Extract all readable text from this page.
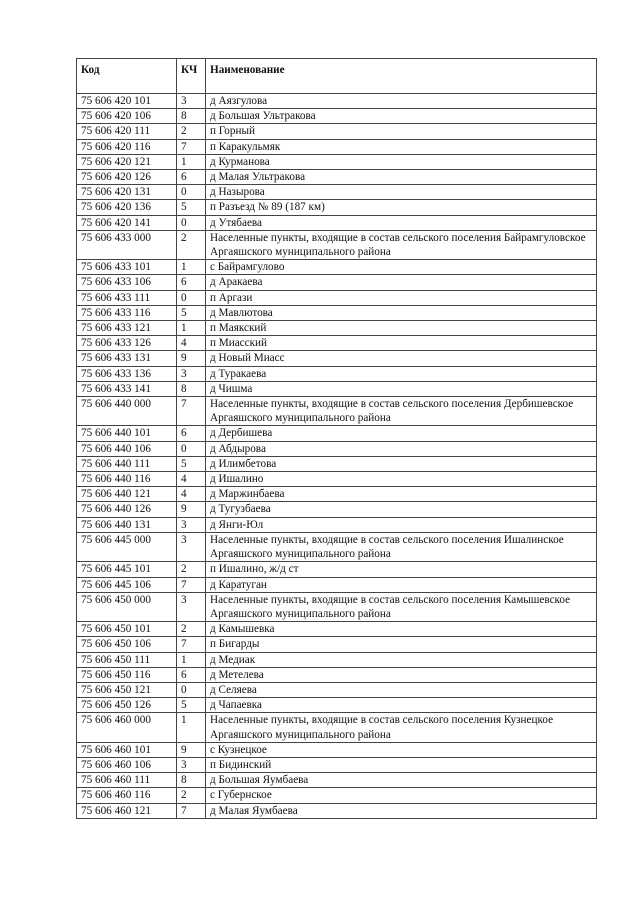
Код	КЧ	Наименование
75 606 420 101	3	д Аязгулова
75 606 420 106	8	д Большая Ультракова
75 606 420 111	2	п Горный
75 606 420 116	7	п Каракульмяк
75 606 420 121	1	д Курманова
75 606 420 126	6	д Малая Ультракова
75 606 420 131	0	д Назырова
75 606 420 136	5	п Разъезд № 89 (187 км)
75 606 420 141	0	д Утябаева
75 606 433 000	2	Населенные пункты, входящие в состав сельского поселения Байрамгуловское Аргаяшского муниципального района
75 606 433 101	1	с Байрамгулово
75 606 433 106	6	д Аракаева
75 606 433 111	0	п Аргази
75 606 433 116	5	д Мавлютова
75 606 433 121	1	п Маякский
75 606 433 126	4	п Миасский
75 606 433 131	9	д Новый Миасс
75 606 433 136	3	д Туракаева
75 606 433 141	8	д Чишма
75 606 440 000	7	Населенные пункты, входящие в состав сельского поселения Дербишевское Аргаяшского муниципального района
75 606 440 101	6	д Дербишева
75 606 440 106	0	д Абдырова
75 606 440 111	5	д Илимбетова
75 606 440 116	4	д Ишалино
75 606 440 121	4	д Маржинбаева
75 606 440 126	9	д Тугузбаева
75 606 440 131	3	д Янги-Юл
75 606 445 000	3	Населенные пункты, входящие в состав сельского поселения Ишалинское Аргаяшского муниципального района
75 606 445 101	2	п Ишалино, ж/д ст
75 606 445 106	7	д Каратуган
75 606 450 000	3	Населенные пункты, входящие в состав сельского поселения Камышевское Аргаяшского муниципального района
75 606 450 101	2	д Камышевка
75 606 450 106	7	п Бигарды
75 606 450 111	1	д Медиак
75 606 450 116	6	д Метелева
75 606 450 121	0	д Селяева
75 606 450 126	5	д Чапаевка
75 606 460 000	1	Населенные пункты, входящие в состав сельского поселения Кузнецкое Аргаяшского муниципального района
75 606 460 101	9	с Кузнецкое
75 606 460 106	3	п Бидинский
75 606 460 111	8	д Большая Яумбаева
75 606 460 116	2	с Губернское
75 606 460 121	7	д Малая Яумбаева
